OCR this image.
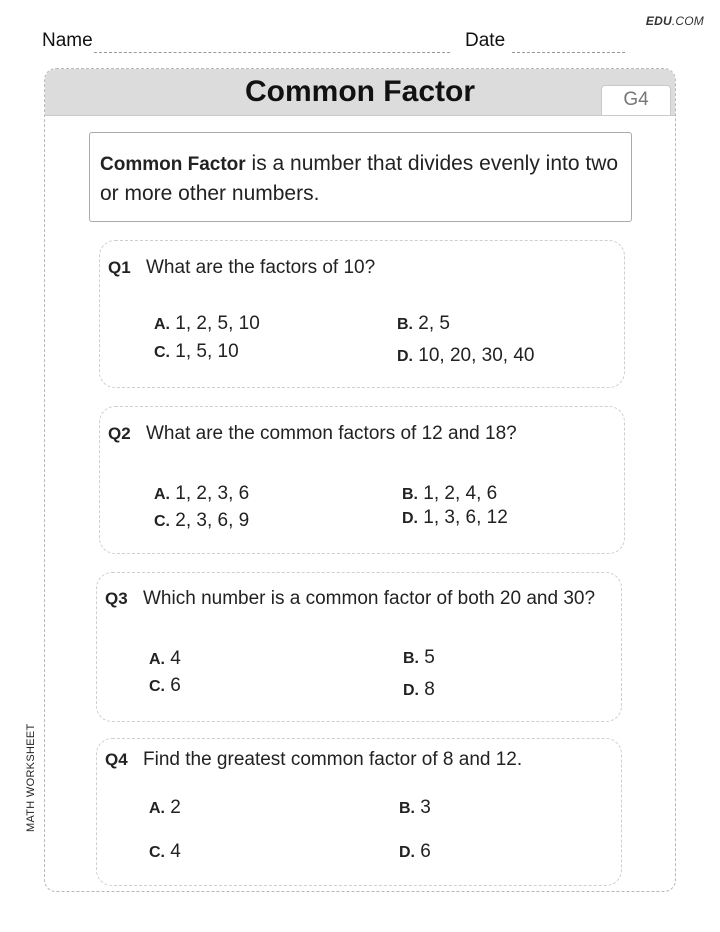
EDU.COM
Name	Date
MATH WORKSHEET
Common Factor	G4
Common Factor is a number that divides evenly into two or more other numbers.
Q1 What are the factors of 10?
A. 1, 2, 5, 10	B. 2, 5
C. 1, 5, 10	D. 10, 20, 30, 40
Q2 What are the common factors of 12 and 18?
A. 1, 2, 3, 6	B. 1, 2, 4, 6
C. 2, 3, 6, 9	D. 1, 3, 6, 12
Q3 Which number is a common factor of both 20 and 30?
A. 4	B. 5
C. 6	D. 8
Q4 Find the greatest common factor of 8 and 12.
A. 2	B. 3
C. 4	D. 6
